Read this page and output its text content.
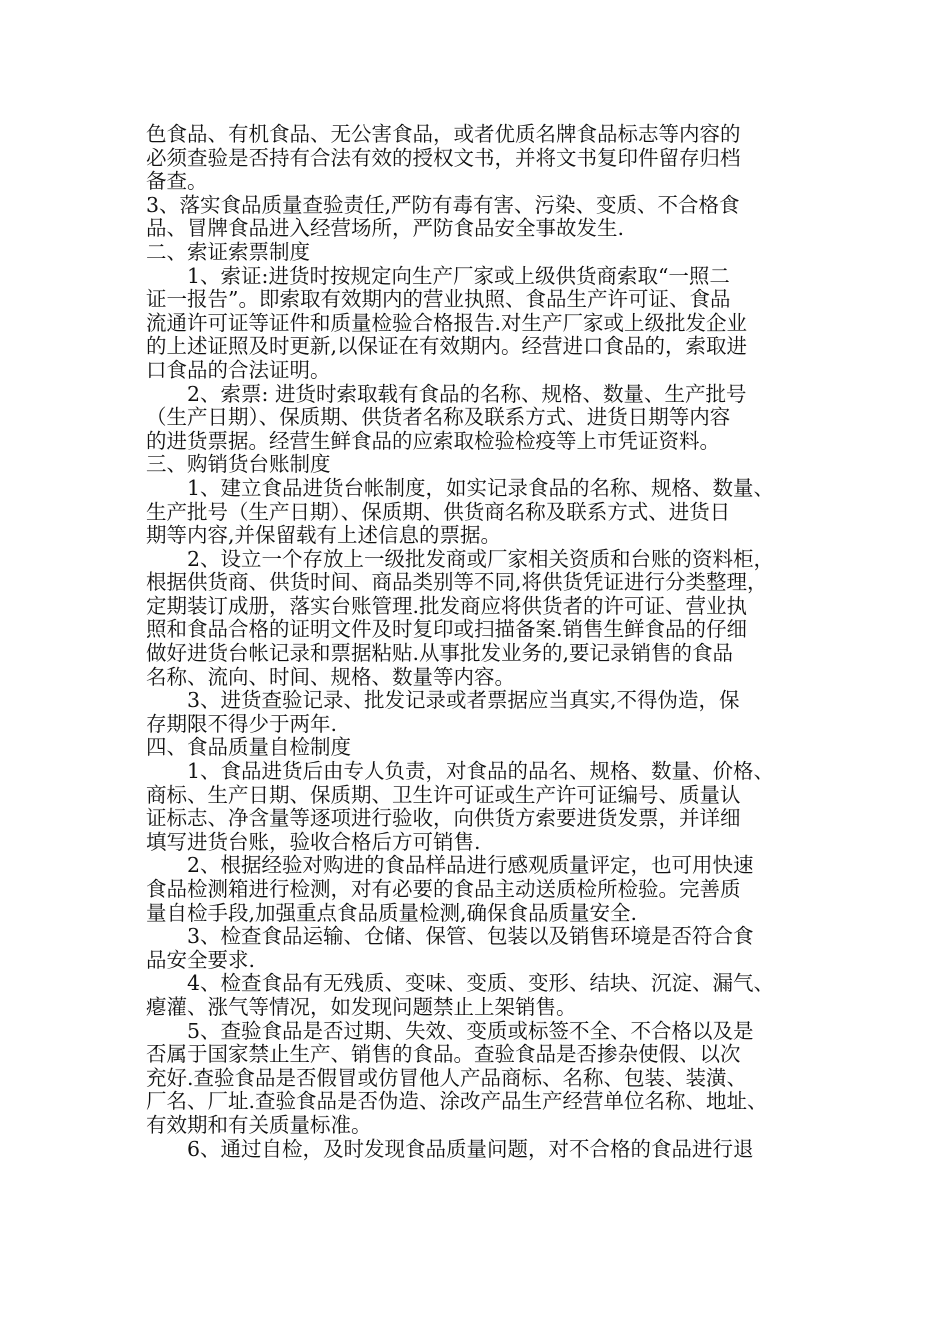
色食品、有机食品、无公害食品，或者优质名牌食品标志等内容的
必须查验是否持有合法有效的授权文书，并将文书复印件留存归档
备查。
3、落实食品质量查验责任,严防有毒有害、污染、变质、不合格食
品、冒牌食品进入经营场所，严防食品安全事故发生.
二、索证索票制度
1、索证:进货时按规定向生产厂家或上级供货商索取“一照二
证一报告”。即索取有效期内的营业执照、食品生产许可证、食品
流通许可证等证件和质量检验合格报告.对生产厂家或上级批发企业
的上述证照及时更新,以保证在有效期内。经营进口食品的，索取进
口食品的合法证明。
2、索票: 进货时索取载有食品的名称、规格、数量、生产批号
（生产日期）、保质期、供货者名称及联系方式、进货日期等内容
的进货票据。经营生鲜食品的应索取检验检疫等上市凭证资料。
三、购销货台账制度
1、建立食品进货台帐制度，如实记录食品的名称、规格、数量、
生产批号（生产日期）、保质期、供货商名称及联系方式、进货日
期等内容,并保留载有上述信息的票据。
2、设立一个存放上一级批发商或厂家相关资质和台账的资料柜，
根据供货商、供货时间、商品类别等不同,将供货凭证进行分类整理，
定期装订成册，落实台账管理.批发商应将供货者的许可证、营业执
照和食品合格的证明文件及时复印或扫描备案.销售生鲜食品的仔细
做好进货台帐记录和票据粘贴.从事批发业务的,要记录销售的食品
名称、流向、时间、规格、数量等内容。
3、进货查验记录、批发记录或者票据应当真实,不得伪造，保
存期限不得少于两年.
四、食品质量自检制度
1、食品进货后由专人负责，对食品的品名、规格、数量、价格、
商标、生产日期、保质期、卫生许可证或生产许可证编号、质量认
证标志、净含量等逐项进行验收，向供货方索要进货发票，并详细
填写进货台账，验收合格后方可销售.
2、根据经验对购进的食品样品进行感观质量评定，也可用快速
食品检测箱进行检测，对有必要的食品主动送质检所检验。完善质
量自检手段,加强重点食品质量检测,确保食品质量安全.
3、检查食品运输、仓储、保管、包装以及销售环境是否符合食
品安全要求.
4、检查食品有无残质、变味、变质、变形、结块、沉淀、漏气、
瘪灌、涨气等情况，如发现问题禁止上架销售。
5、查验食品是否过期、失效、变质或标签不全、不合格以及是
否属于国家禁止生产、销售的食品。查验食品是否掺杂使假、以次
充好.查验食品是否假冒或仿冒他人产品商标、名称、包装、装潢、
厂名、厂址.查验食品是否伪造、涂改产品生产经营单位名称、地址、
有效期和有关质量标准。
6、通过自检，及时发现食品质量问题，对不合格的食品进行退
